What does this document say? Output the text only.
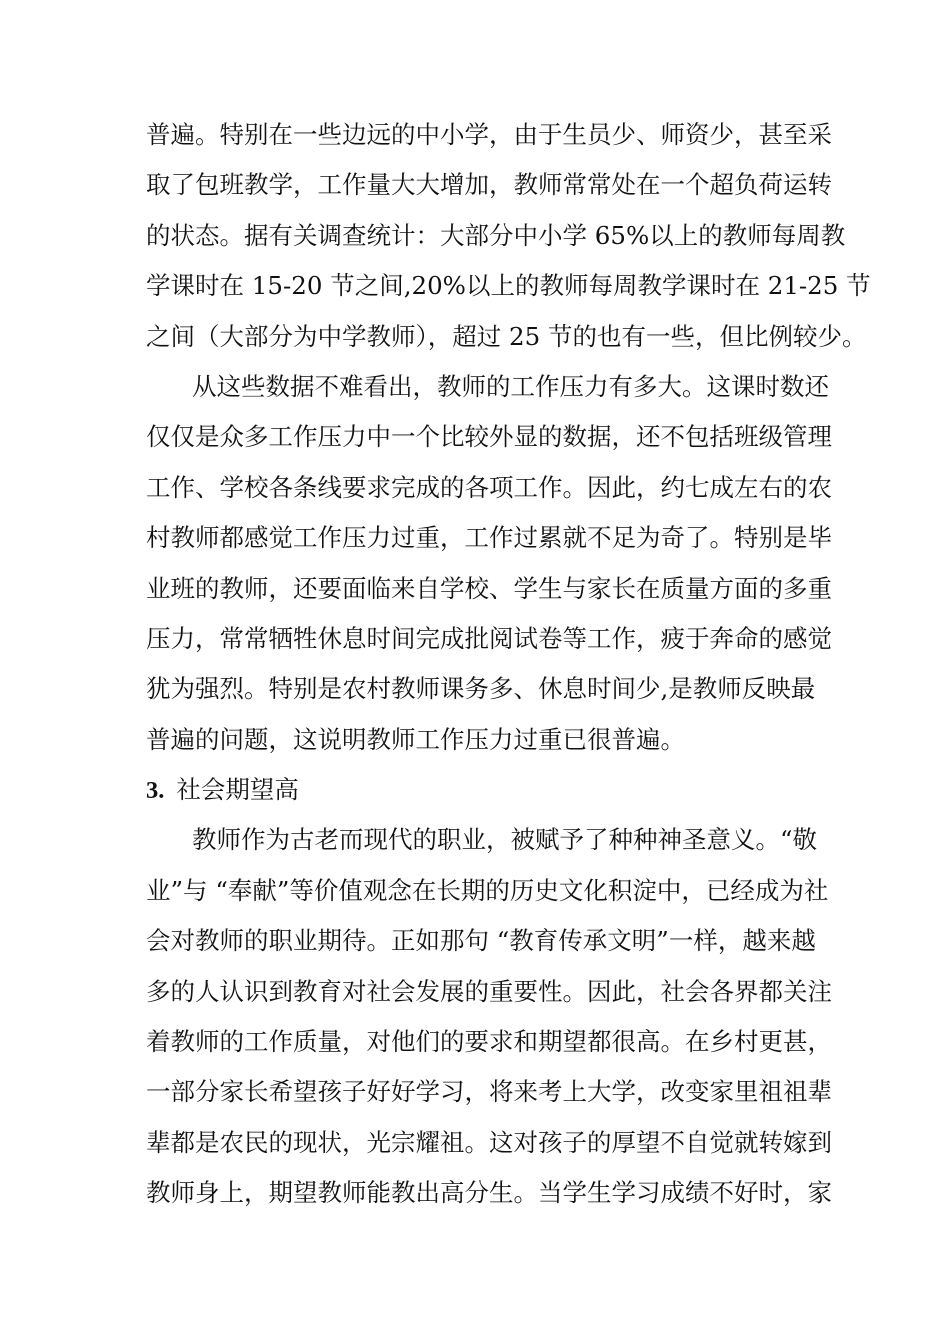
普遍。特别在一些边远的中小学，由于生员少、师资少，甚至采
取了包班教学，工作量大大增加，教师常常处在一个超负荷运转
的状态。据有关调查统计：大部分中小学 65%以上的教师每周教
学课时在 15-20 节之间,20%以上的教师每周教学课时在 21-25 节
之间（大部分为中学教师），超过 25 节的也有一些，但比例较少。
从这些数据不难看出，教师的工作压力有多大。这课时数还
仅仅是众多工作压力中一个比较外显的数据，还不包括班级管理
工作、学校各条线要求完成的各项工作。因此，约七成左右的农
村教师都感觉工作压力过重，工作过累就不足为奇了。特别是毕
业班的教师，还要面临来自学校、学生与家长在质量方面的多重
压力，常常牺牲休息时间完成批阅试卷等工作，疲于奔命的感觉
犹为强烈。特别是农村教师课务多、休息时间少,是教师反映最
普遍的问题，这说明教师工作压力过重已很普遍。
3. 社会期望高
教师作为古老而现代的职业，被赋予了种种神圣意义。“敬
业”与 “奉献”等价值观念在长期的历史文化积淀中，已经成为社
会对教师的职业期待。正如那句 “教育传承文明”一样，越来越
多的人认识到教育对社会发展的重要性。因此，社会各界都关注
着教师的工作质量，对他们的要求和期望都很高。在乡村更甚，
一部分家长希望孩子好好学习，将来考上大学，改变家里祖祖辈
辈都是农民的现状，光宗耀祖。这对孩子的厚望不自觉就转嫁到
教师身上，期望教师能教出高分生。当学生学习成绩不好时，家
